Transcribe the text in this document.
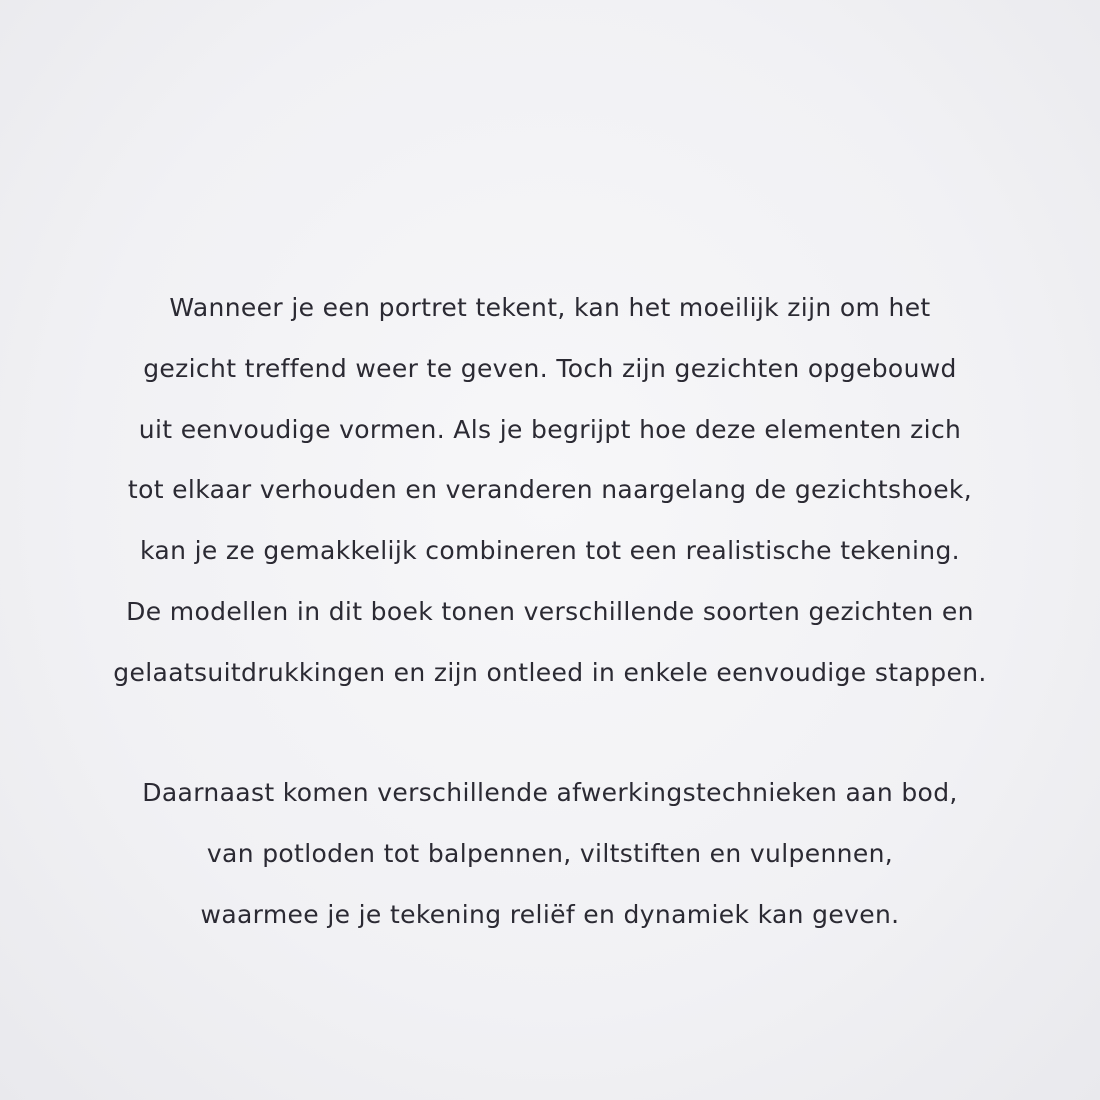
Wanneer je een portret tekent, kan het moeilijk zijn om het
gezicht treffend weer te geven. Toch zijn gezichten opgebouwd
uit eenvoudige vormen. Als je begrijpt hoe deze elementen zich
tot elkaar verhouden en veranderen naargelang de gezichtshoek,
kan je ze gemakkelijk combineren tot een realistische tekening.
De modellen in dit boek tonen verschillende soorten gezichten en
gelaatsuitdrukkingen en zijn ontleed in enkele eenvoudige stappen.
Daarnaast komen verschillende afwerkingstechnieken aan bod,
van potloden tot balpennen, viltstiften en vulpennen,
waarmee je je tekening reliëf en dynamiek kan geven.
